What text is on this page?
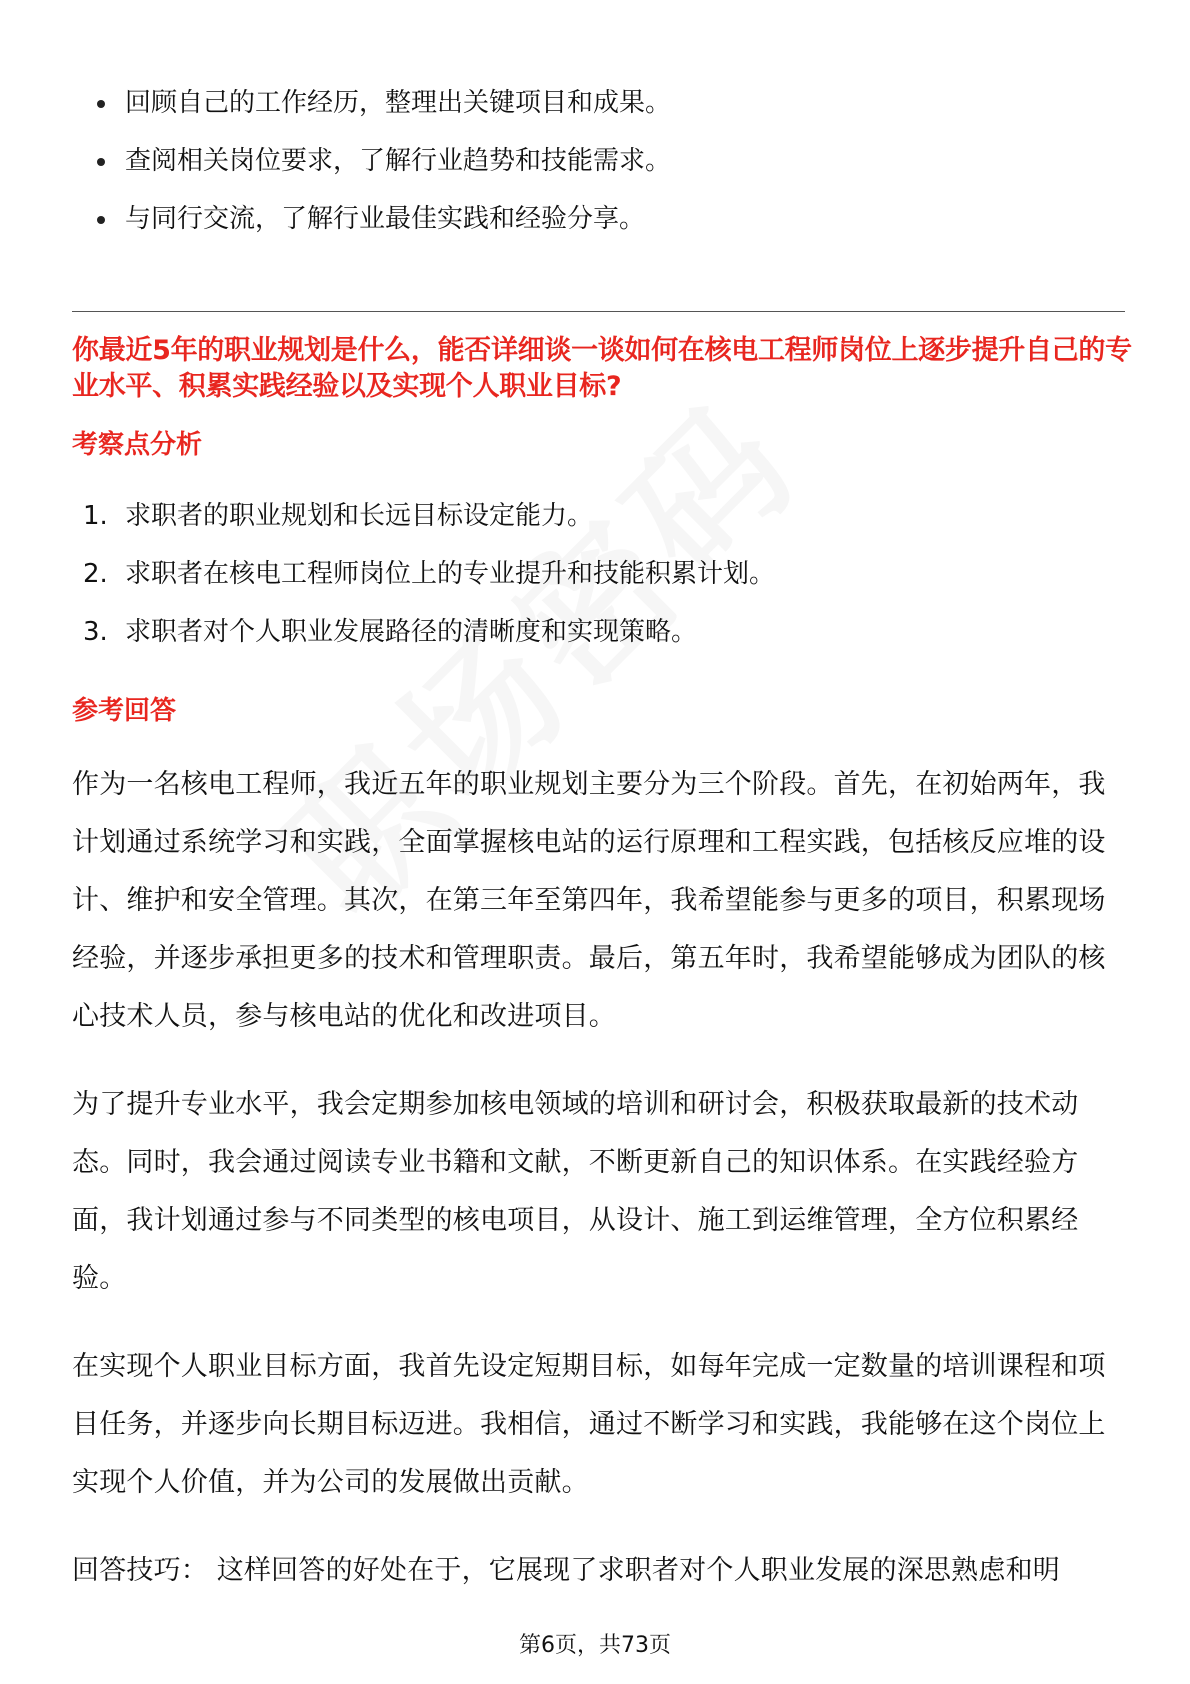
回顾自己的工作经历，整理出关键项目和成果。
查阅相关岗位要求，了解行业趋势和技能需求。
与同行交流，了解行业最佳实践和经验分享。
你最近5年的职业规划是什么，能否详细谈一谈如何在核电工程师岗位上逐步提升自己的专业水平、积累实践经验以及实现个人职业目标?
考察点分析
1. 求职者的职业规划和长远目标设定能力。
2. 求职者在核电工程师岗位上的专业提升和技能积累计划。
3. 求职者对个人职业发展路径的清晰度和实现策略。
参考回答

作为一名核电工程师，我近五年的职业规划主要分为三个阶段。首先，在初始两年，我计划通过系统学习和实践，全面掌握核电站的运行原理和工程实践，包括核反应堆的设计、维护和安全管理。其次，在第三年至第四年，我希望能参与更多的项目，积累现场经验，并逐步承担更多的技术和管理职责。最后，第五年时，我希望能够成为团队的核心技术人员，参与核电站的优化和改进项目。

为了提升专业水平，我会定期参加核电领域的培训和研讨会，积极获取最新的技术动态。同时，我会通过阅读专业书籍和文献，不断更新自己的知识体系。在实践经验方面，我计划通过参与不同类型的核电项目，从设计、施工到运维管理，全方位积累经验。

在实现个人职业目标方面，我首先设定短期目标，如每年完成一定数量的培训课程和项目任务，并逐步向长期目标迈进。我相信，通过不断学习和实践，我能够在这个岗位上实现个人价值，并为公司的发展做出贡献。

回答技巧： 这样回答的好处在于，它展现了求职者对个人职业发展的深思熟虑和明

第6页，共73页
